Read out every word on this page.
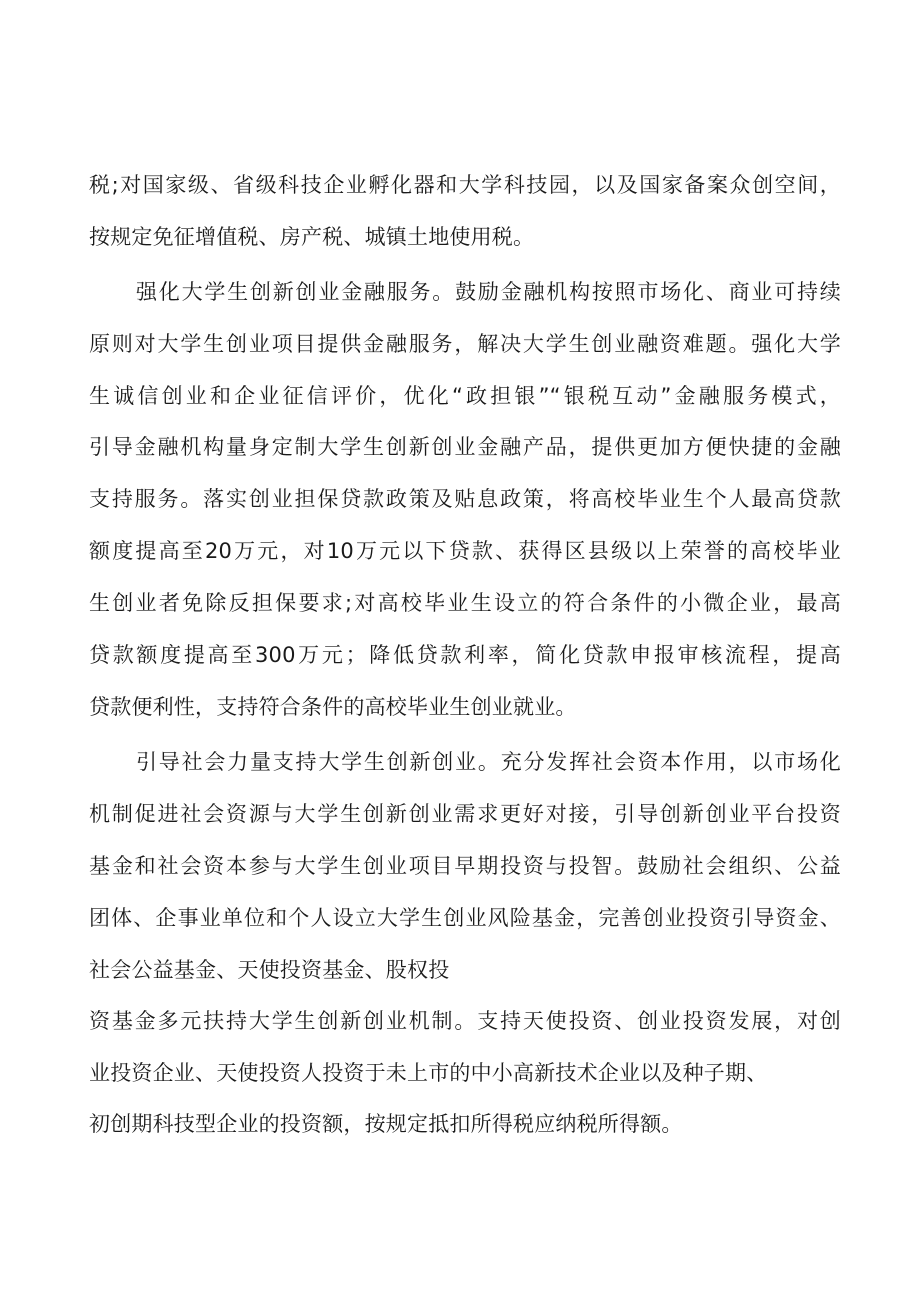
税;对国家级、省级科技企业孵化器和大学科技园，以及国家备案众创空间，
按规定免征增值税、房产税、城镇土地使用税。
强化大学生创新创业金融服务。鼓励金融机构按照市场化、商业可持续
原则对大学生创业项目提供金融服务，解决大学生创业融资难题。强化大学
生诚信创业和企业征信评价，优化“政担银”“银税互动”金融服务模式，
引导金融机构量身定制大学生创新创业金融产品，提供更加方便快捷的金融
支持服务。落实创业担保贷款政策及贴息政策，将高校毕业生个人最高贷款
额度提高至20万元，对10万元以下贷款、获得区县级以上荣誉的高校毕业
生创业者免除反担保要求;对高校毕业生设立的符合条件的小微企业，最高
贷款额度提高至300万元；降低贷款利率，简化贷款申报审核流程，提高
贷款便利性，支持符合条件的高校毕业生创业就业。
引导社会力量支持大学生创新创业。充分发挥社会资本作用，以市场化
机制促进社会资源与大学生创新创业需求更好对接，引导创新创业平台投资
基金和社会资本参与大学生创业项目早期投资与投智。鼓励社会组织、公益
团体、企事业单位和个人设立大学生创业风险基金，完善创业投资引导资金、
社会公益基金、天使投资基金、股权投
资基金多元扶持大学生创新创业机制。支持天使投资、创业投资发展，对创
业投资企业、天使投资人投资于未上市的中小高新技术企业以及种子期、
初创期科技型企业的投资额，按规定抵扣所得税应纳税所得额。
